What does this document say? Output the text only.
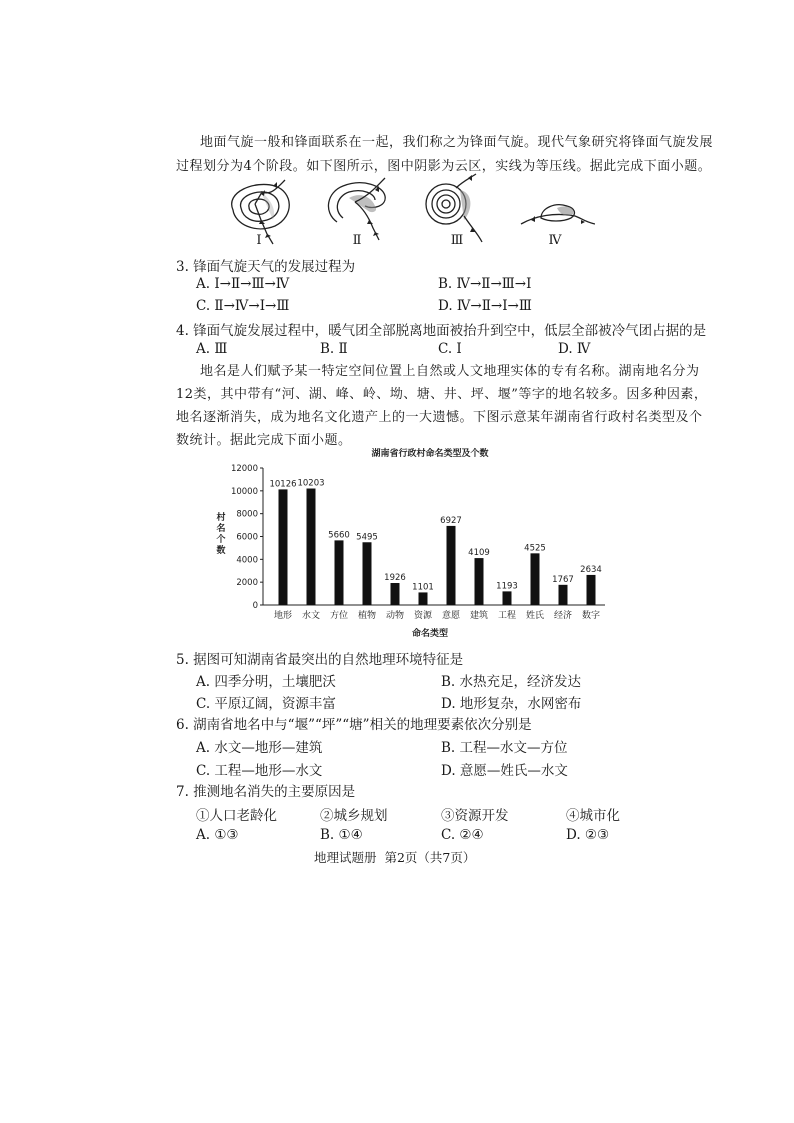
地面气旋一般和锋面联系在一起，我们称之为锋面气旋。现代气象研究将锋面气旋发展
过程划分为4个阶段。如下图所示，图中阴影为云区，实线为等压线。据此完成下面小题。
Ⅰ	Ⅱ	Ⅲ	Ⅳ
3. 锋面气旋天气的发展过程为
A. Ⅰ→Ⅱ→Ⅲ→Ⅳ	B. Ⅳ→Ⅱ→Ⅲ→Ⅰ
C. Ⅱ→Ⅳ→Ⅰ→Ⅲ	D. Ⅳ→Ⅱ→Ⅰ→Ⅲ
4. 锋面气旋发展过程中，暖气团全部脱离地面被抬升到空中，低层全部被冷气团占据的是
A. Ⅲ	B. Ⅱ	C. Ⅰ	D. Ⅳ
地名是人们赋予某一特定空间位置上自然或人文地理实体的专有名称。湖南地名分为
12类，其中带有“河、湖、峰、岭、坳、塘、井、坪、堰”等字的地名较多。因多种因素，
地名逐渐消失，成为地名文化遗产上的一大遗憾。下图示意某年湖南省行政村名类型及个
数统计。据此完成下面小题。
湖南省行政村命名类型及个数
命名类型
村
名
个
数
0
2000
4000
6000
8000
10000
12000
10126
地形
10203
水文
5660
方位
5495
植物
1926
动物
1101
资源
6927
意愿
4109
建筑
1193
工程
4525
姓氏
1767
经济
2634
数字
5. 据图可知湖南省最突出的自然地理环境特征是
A. 四季分明，土壤肥沃	B. 水热充足，经济发达
C. 平原辽阔，资源丰富	D. 地形复杂，水网密布
6. 湖南省地名中与“堰”“坪”“塘”相关的地理要素依次分别是
A. 水文—地形—建筑	B. 工程—水文—方位
C. 工程—地形—水文	D. 意愿—姓氏—水文
7. 推测地名消失的主要原因是
①人口老龄化	②城乡规划	③资源开发	④城市化
A. ①③	B. ①④	C. ②④	D. ②③
地理试题册  第2页（共7页）
